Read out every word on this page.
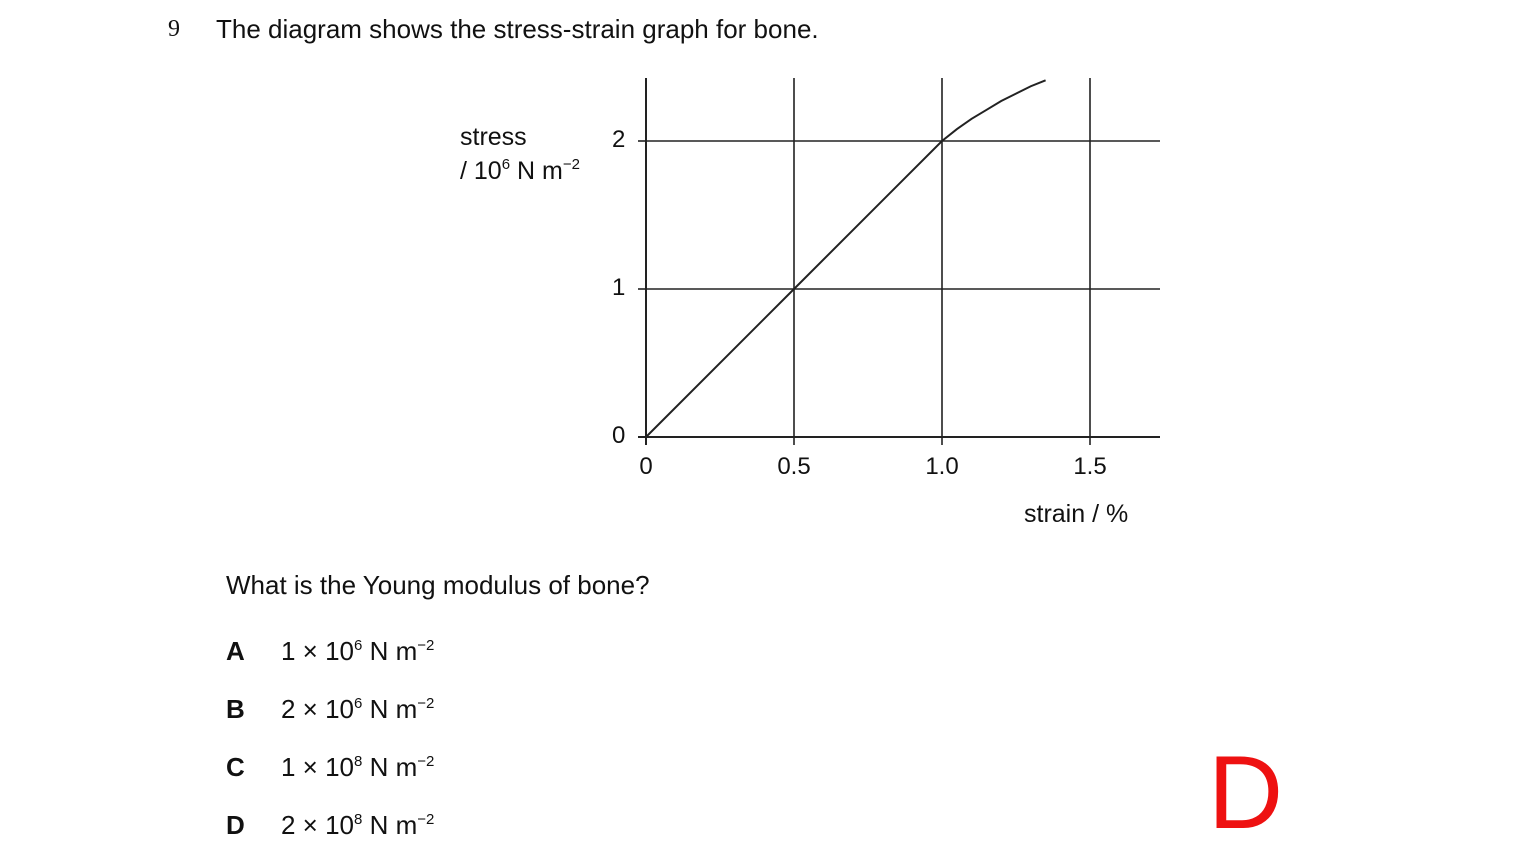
9 The diagram shows the stress-strain graph for bone.
stress
/ $10^6$ N $m^{-2}$
0
1
2
0	0.5	1.0	1.5
strain / %
What is the Young modulus of bone?
A	$1 \times 10^6$ N $m^{-2}$
B	$2 \times 10^6$ N $m^{-2}$
C	$1 \times 10^8$ N $m^{-2}$
D	$2 \times 10^8$ N $m^{-2}$	D
